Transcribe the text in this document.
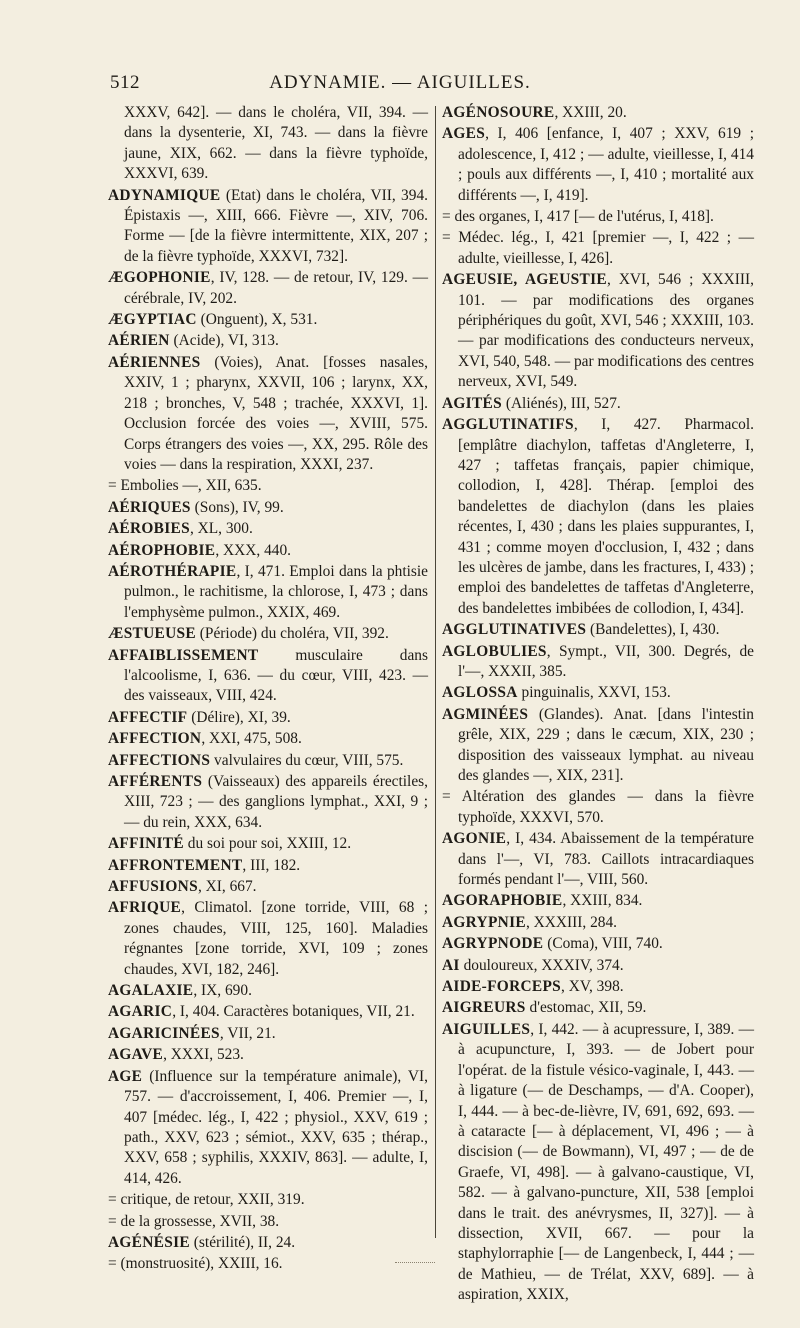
512	ADYNAMIE. — AIGUILLES.
XXXV, 642]. — dans le choléra, VII, 394. — dans la dysenterie, XI, 743. — dans la fièvre jaune, XIX, 662. — dans la fièvre typhoïde, XXXVI, 639.
ADYNAMIQUE (Etat) dans le choléra, VII, 394. Épistaxis —, XIII, 666. Fièvre —, XIV, 706. Forme — [de la fièvre intermittente, XIX, 207 ; de la fièvre typhoïde, XXXVI, 732].
ÆGOPHONIE, IV, 128. — de retour, IV, 129. — cérébrale, IV, 202.
ÆGYPTIAC (Onguent), X, 531.
AÉRIEN (Acide), VI, 313.
AÉRIENNES (Voies), Anat. [fosses nasales, XXIV, 1 ; pharynx, XXVII, 106 ; larynx, XX, 218 ; bronches, V, 548 ; trachée, XXXVI, 1]. Occlusion forcée des voies —, XVIII, 575. Corps étrangers des voies —, XX, 295. Rôle des voies — dans la respiration, XXXI, 237.
= Embolies —, XII, 635.
AÉRIQUES (Sons), IV, 99.
AÉROBIES, XL, 300.
AÉROPHOBIE, XXX, 440.
AÉROTHÉRAPIE, I, 471. Emploi dans la phtisie pulmon., le rachitisme, la chlorose, I, 473 ; dans l'emphysème pulmon., XXIX, 469.
ÆSTUEUSE (Période) du choléra, VII, 392.
AFFAIBLISSEMENT musculaire dans l'alcoolisme, I, 636. — du cœur, VIII, 423. — des vaisseaux, VIII, 424.
AFFECTIF (Délire), XI, 39.
AFFECTION, XXI, 475, 508.
AFFECTIONS valvulaires du cœur, VIII, 575.
AFFÉRENTS (Vaisseaux) des appareils érectiles, XIII, 723 ; — des ganglions lymphat., XXI, 9 ; — du rein, XXX, 634.
AFFINITÉ du soi pour soi, XXIII, 12.
AFFRONTEMENT, III, 182.
AFFUSIONS, XI, 667.
AFRIQUE, Climatol. [zone torride, VIII, 68 ; zones chaudes, VIII, 125, 160]. Maladies régnantes [zone torride, XVI, 109 ; zones chaudes, XVI, 182, 246].
AGALAXIE, IX, 690.
AGARIC, I, 404. Caractères botaniques, VII, 21.
AGARICINÉES, VII, 21.
AGAVE, XXXI, 523.
AGE (Influence sur la température animale), VI, 757. — d'accroissement, I, 406. Premier —, I, 407 [médec. lég., I, 422 ; physiol., XXV, 619 ; path., XXV, 623 ; sémiot., XXV, 635 ; thérap., XXV, 658 ; syphilis, XXXIV, 863]. — adulte, I, 414, 426.
= critique, de retour, XXII, 319.
= de la grossesse, XVII, 38.
AGÉNÉSIE (stérilité), II, 24.
= (monstruosité), XXIII, 16.
AGÉNOSOURE, XXIII, 20.
AGES, I, 406 [enfance, I, 407 ; XXV, 619 ; adolescence, I, 412 ; — adulte, vieillesse, I, 414 ; pouls aux différents —, I, 410 ; mortalité aux différents —, I, 419].
= des organes, I, 417 [— de l'utérus, I, 418].
= Médec. lég., I, 421 [premier —, I, 422 ; — adulte, vieillesse, I, 426].
AGEUSIE, AGEUSTIE, XVI, 546 ; XXXIII, 101. — par modifications des organes périphériques du goût, XVI, 546 ; XXXIII, 103. — par modifications des conducteurs nerveux, XVI, 540, 548. — par modifications des centres nerveux, XVI, 549.
AGITÉS (Aliénés), III, 527.
AGGLUTINATIFS, I, 427. Pharmacol. [emplâtre diachylon, taffetas d'Angleterre, I, 427 ; taffetas français, papier chimique, collodion, I, 428]. Thérap. [emploi des bandelettes de diachylon (dans les plaies récentes, I, 430 ; dans les plaies suppurantes, I, 431 ; comme moyen d'occlusion, I, 432 ; dans les ulcères de jambe, dans les fractures, I, 433) ; emploi des bandelettes de taffetas d'Angleterre, des bandelettes imbibées de collodion, I, 434].
AGGLUTINATIVES (Bandelettes), I, 430.
AGLOBULIES, Sympt., VII, 300. Degrés, de l'—, XXXII, 385.
AGLOSSA pinguinalis, XXVI, 153.
AGMINÉES (Glandes). Anat. [dans l'intestin grêle, XIX, 229 ; dans le cæcum, XIX, 230 ; disposition des vaisseaux lymphat. au niveau des glandes —, XIX, 231].
= Altération des glandes — dans la fièvre typhoïde, XXXVI, 570.
AGONIE, I, 434. Abaissement de la température dans l'—, VI, 783. Caillots intracardiaques formés pendant l'—, VIII, 560.
AGORAPHOBIE, XXIII, 834.
AGRYPNIE, XXXIII, 284.
AGRYPNODE (Coma), VIII, 740.
AI douloureux, XXXIV, 374.
AIDE-FORCEPS, XV, 398.
AIGREURS d'estomac, XII, 59.
AIGUILLES, I, 442. — à acupressure, I, 389. — à acupuncture, I, 393. — de Jobert pour l'opérat. de la fistule vésico-vaginale, I, 443. — à ligature (— de Deschamps, — d'A. Cooper), I, 444. — à bec-de-lièvre, IV, 691, 692, 693. — à cataracte [— à déplacement, VI, 496 ; — à discision (— de Bowmann), VI, 497 ; — de de Graefe, VI, 498]. — à galvano-caustique, VI, 582. — à galvano-puncture, XII, 538 [emploi dans le trait. des anévrysmes, II, 327)]. — à dissection, XVII, 667. — pour la staphylorraphie [— de Langenbeck, I, 444 ; — de Mathieu, — de Trélat, XXV, 689]. — à aspiration, XXIX,
